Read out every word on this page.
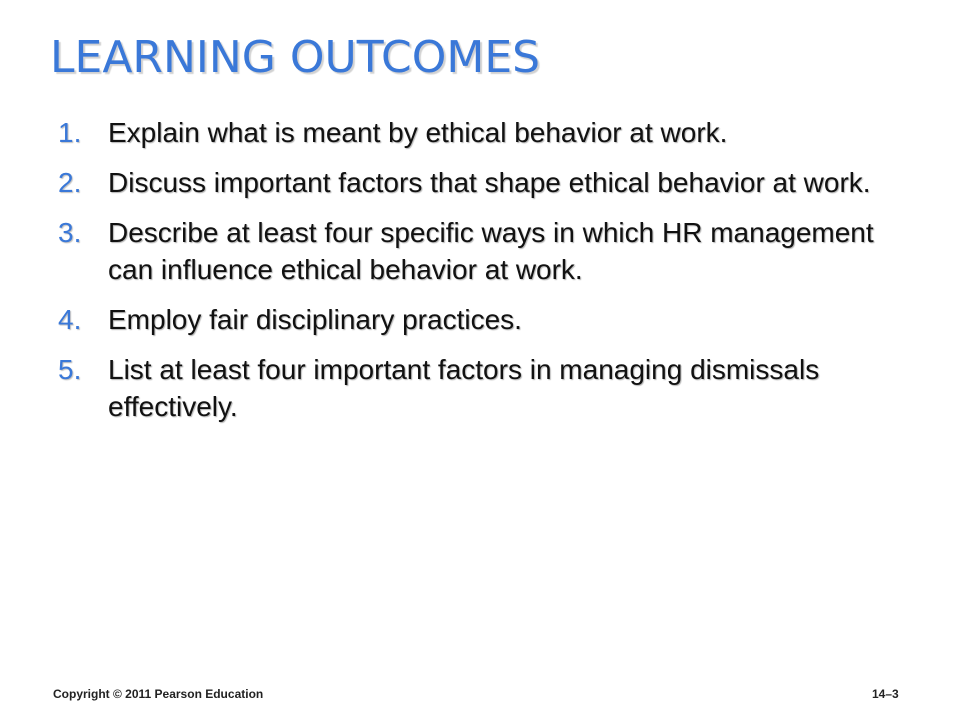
LEARNING OUTCOMES
1. Explain what is meant by ethical behavior at work.
2. Discuss important factors that shape ethical behavior at work.
3. Describe at least four specific ways in which HR management can influence ethical behavior at work.
4. Employ fair disciplinary practices.
5. List at least four important factors in managing dismissals effectively.
Copyright © 2011 Pearson Education	14–3
